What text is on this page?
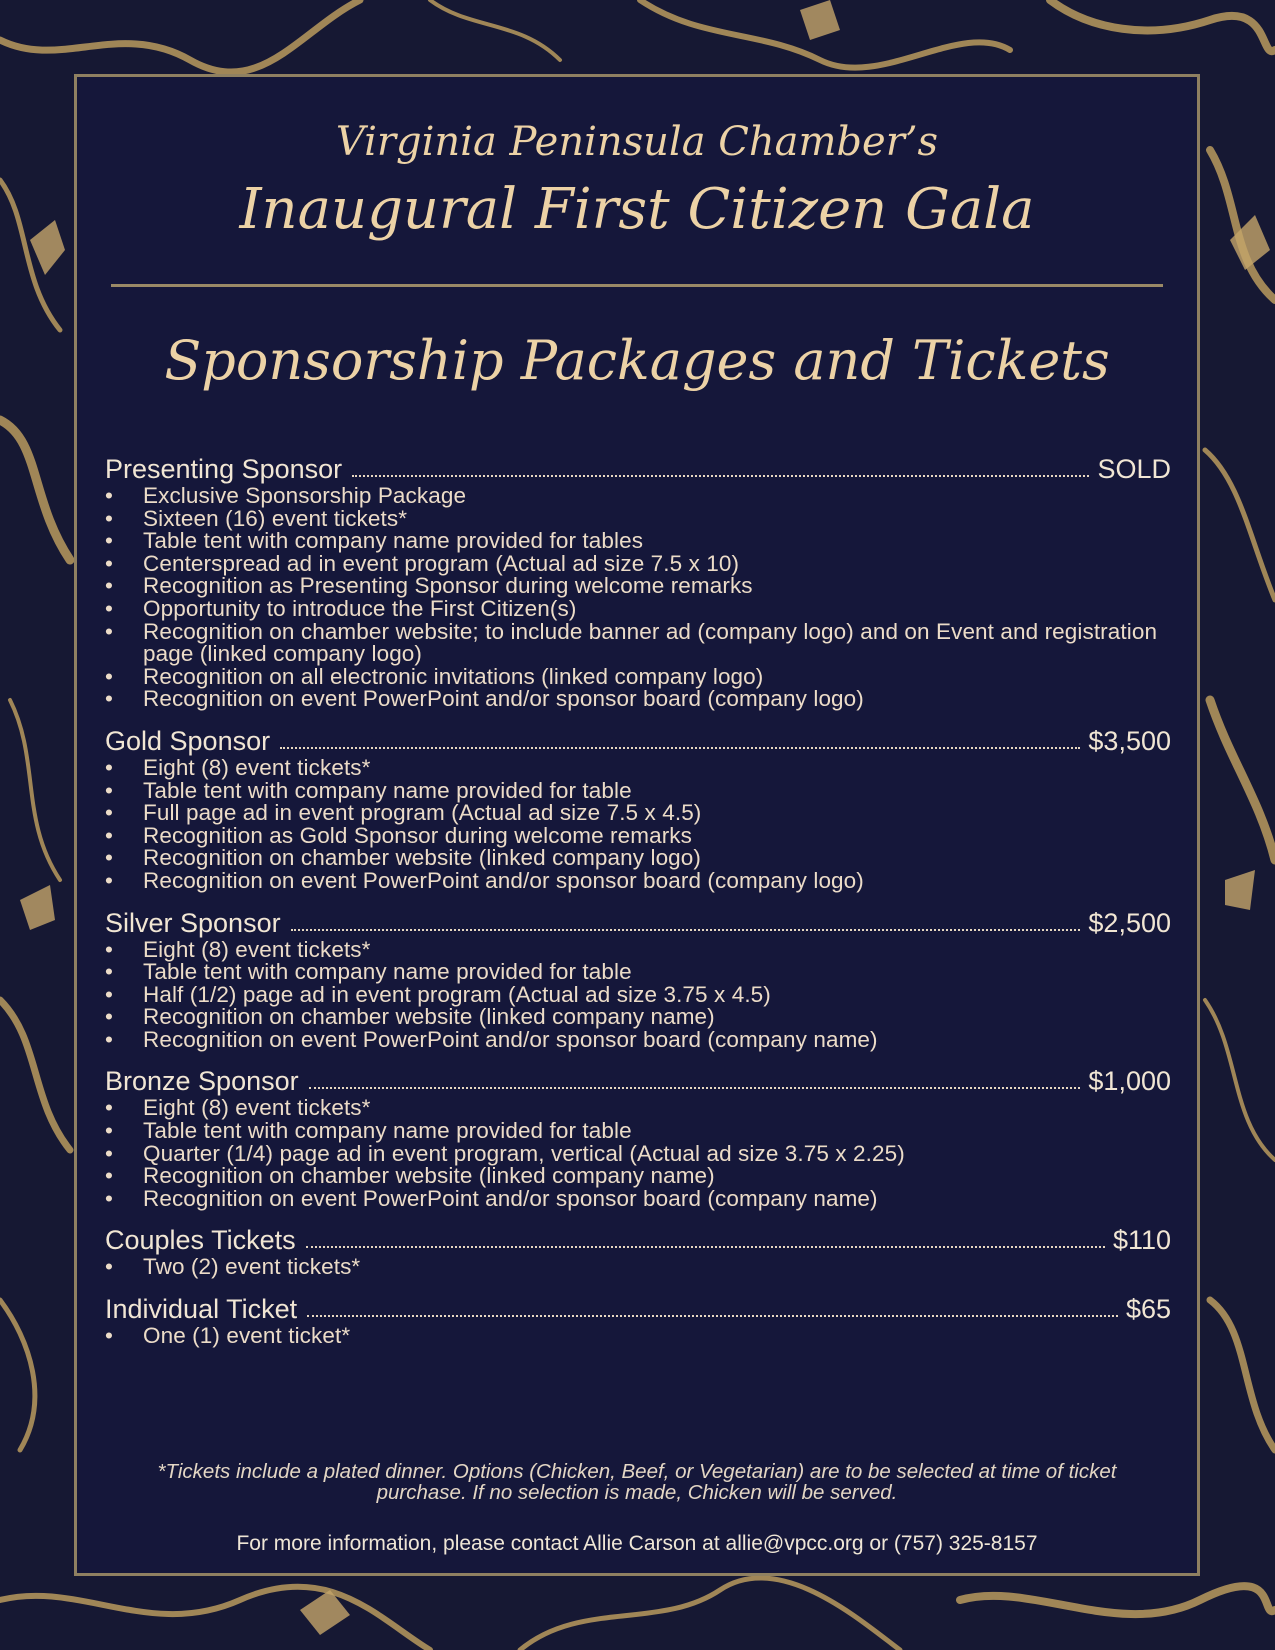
Virginia Peninsula Chamber’s
Inaugural First Citizen Gala
Sponsorship Packages and Tickets
Presenting Sponsor	SOLD
• Exclusive Sponsorship Package
• Sixteen (16) event tickets*
• Table tent with company name provided for tables
• Centerspread ad in event program (Actual ad size 7.5 x 10)
• Recognition as Presenting Sponsor during welcome remarks
• Opportunity to introduce the First Citizen(s)
• Recognition on chamber website; to include banner ad (company logo) and on Event and registration page (linked company logo)
• Recognition on all electronic invitations (linked company logo)
• Recognition on event PowerPoint and/or sponsor board (company logo)
Gold Sponsor	$3,500
• Eight (8) event tickets*
• Table tent with company name provided for table
• Full page ad in event program (Actual ad size 7.5 x 4.5)
• Recognition as Gold Sponsor during welcome remarks
• Recognition on chamber website (linked company logo)
• Recognition on event PowerPoint and/or sponsor board (company logo)
Silver Sponsor	$2,500
• Eight (8) event tickets*
• Table tent with company name provided for table
• Half (1/2) page ad in event program (Actual ad size 3.75 x 4.5)
• Recognition on chamber website (linked company name)
• Recognition on event PowerPoint and/or sponsor board (company name)
Bronze Sponsor	$1,000
• Eight (8) event tickets*
• Table tent with company name provided for table
• Quarter (1/4) page ad in event program, vertical (Actual ad size 3.75 x 2.25)
• Recognition on chamber website (linked company name)
• Recognition on event PowerPoint and/or sponsor board (company name)
Couples Tickets	$110
• Two (2) event tickets*
Individual Ticket	$65
• One (1) event ticket*

*Tickets include a plated dinner. Options (Chicken, Beef, or Vegetarian) are to be selected at time of ticket purchase. If no selection is made, Chicken will be served.

For more information, please contact Allie Carson at allie@vpcc.org or (757) 325-8157
